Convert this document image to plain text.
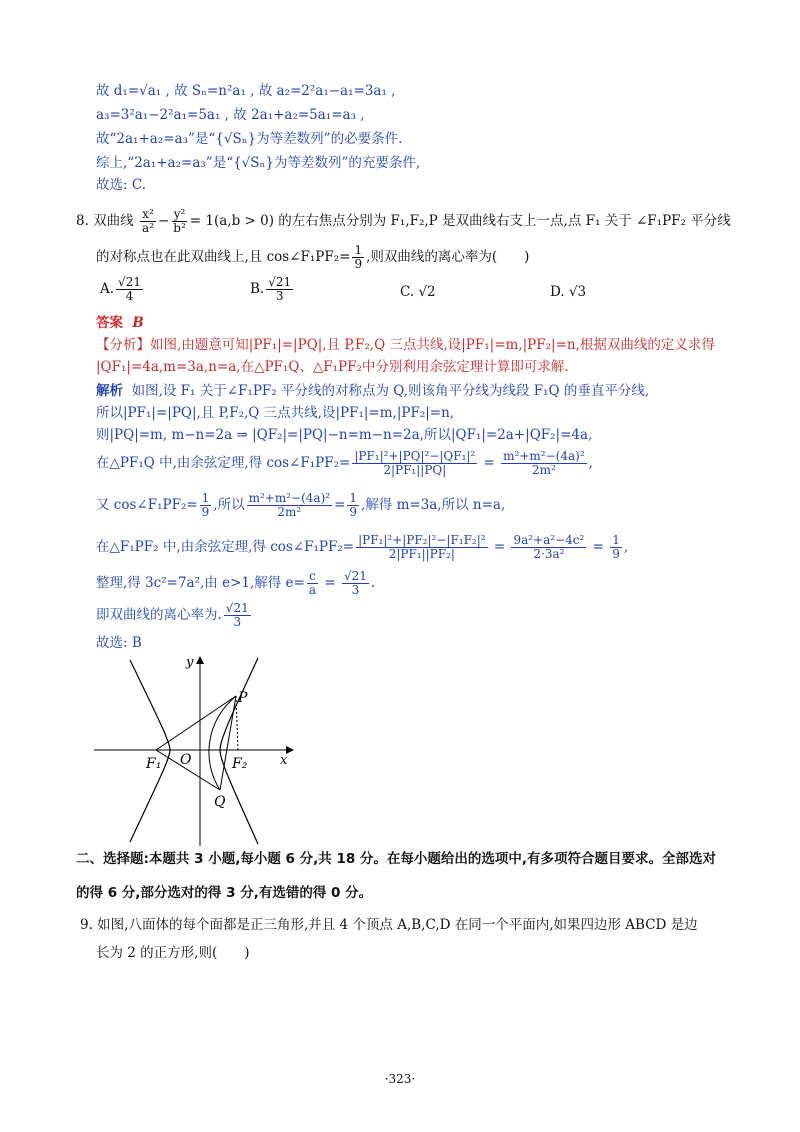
故 d₁=√a₁ , 故 Sₙ=n²a₁ , 故 a₂=2²a₁−a₁=3a₁ ,
a₃=3²a₁−2²a₁=5a₁ , 故 2a₁+a₂=5a₁=a₃ ,
故“2a₁+a₂=a₃”是“{√Sₙ}为等差数列”的必要条件.
综上,“2a₁+a₂=a₃”是“{√Sₙ}为等差数列”的充要条件,
故选: C.
8. 双曲线 $\frac{\text{x²}}{\text{a²}} - \frac{\text{y²}}{\text{b²}} = 1(a,b > 0)$ 的左右焦点分别为 F₁,F₂,P 是双曲线右支上一点,点 F₁ 关于 ∠F₁PF₂ 平分线
的对称点也在此双曲线上,且 cos∠F₁PF₂= $\frac{1}{9}$ ,则双曲线的离心率为(　　)
A. $\frac{√21}{4}$	B. $\frac{√21}{3}$	C. √2	D. √3
答案 B
【分析】如图,由题意可知|PF₁|=|PQ|,且 P,F₂,Q 三点共线,设|PF₁|=m,|PF₂|=n,根据双曲线的定义求得
|QF₁|=4a,m=3a,n=a,在△PF₁Q、△F₁PF₂中分别利用余弦定理计算即可求解.
解析 如图,设 F₁ 关于∠F₁PF₂ 平分线的对称点为 Q,则该角平分线为线段 F₁Q 的垂直平分线,
所以|PF₁|=|PQ|,且 P,F₂,Q 三点共线,设|PF₁|=m,|PF₂|=n,
则|PQ|=m, m−n=2a ⇒ |QF₂|=|PQ|−n=m−n=2a,所以|QF₁|=2a+|QF₂|=4a,
在△PF₁Q 中,由余弦定理,得 cos∠F₁PF₂= $\frac{\text{|PF₁|²+|PQ|²−|QF₁|²}}{\text{2|PF₁||PQ|}} = \frac{\text{m²+m²−(4a)²}}{\text{2m²}}$ ,
又 cos∠F₁PF₂= $\frac{1}{9}$ ,所以 $\frac{\text{m²+m²−(4a)²}}{\text{2m²}} = \frac{1}{9}$ ,解得 m=3a,所以 n=a,
在△F₁PF₂ 中,由余弦定理,得 cos∠F₁PF₂= $\frac{\text{|PF₁|²+|PF₂|²−|F₁F₂|²}}{\text{2|PF₁||PF₂|}} = \frac{\text{9a²+a²−4c²}}{\text{2·3a²}} = \frac{1}{9}$ ,
整理,得 3c²=7a²,由 e>1,解得 $e= \frac{c}{a} = \frac{√21}{3}$ .
即双曲线的离心率为. $\frac{√21}{3}$
故选: B
y
x
P
O
F₁	F₂
Q
二、选择题:本题共 3 小题,每小题 6 分,共 18 分。在每小题给出的选项中,有多项符合题目要求。全部选对
的得 6 分,部分选对的得 3 分,有选错的得 0 分。
9. 如图,八面体的每个面都是正三角形,并且 4 个顶点 A,B,C,D 在同一个平面内,如果四边形 ABCD 是边
长为 2 的正方形,则(　　)
·323·
